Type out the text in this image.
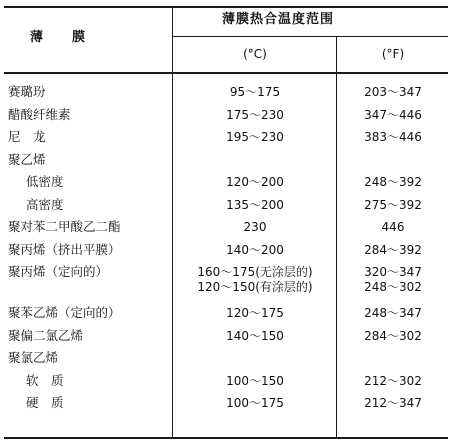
薄　　膜
薄膜热合温度范围
(°C)	(°F)
赛璐玢	95～175	203～347
醋酸纤维素	175～230	347～446
尼　龙	195～230	383～446
聚乙烯
低密度	120～200	248～392
高密度	135～200	275～392
聚对苯二甲酸乙二酯	230	446
聚丙烯（挤出平膜）	140～200	284～392
聚丙烯（定向的）	160～175(无涂层的)	320～347
120～150(有涂层的)	248～302
聚苯乙烯（定向的）	120～175	248～347
聚偏二氯乙烯	140～150	284～302
聚氯乙烯
软　质	100～150	212～302
硬　质	100～175	212～347
